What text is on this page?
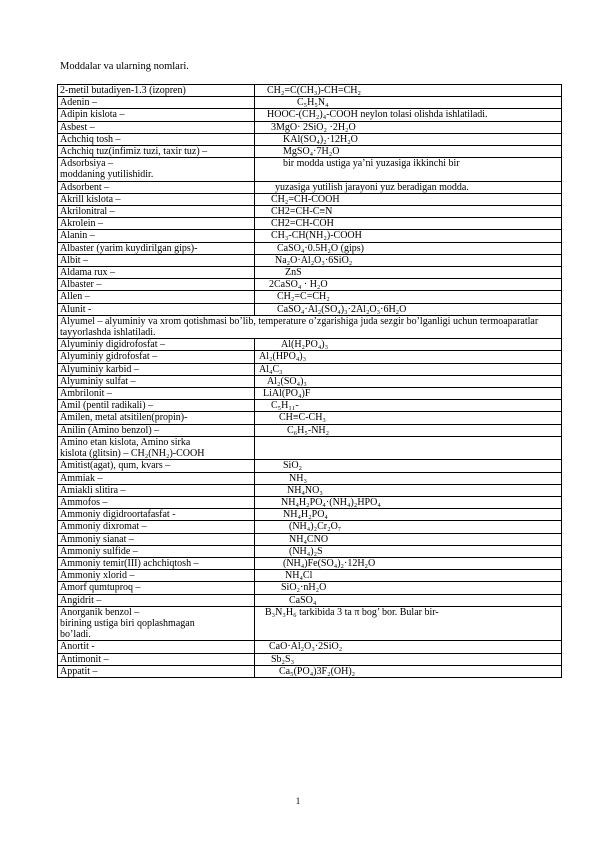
Moddalar va ularning nomlari.
2-metil butadiyen-1.3 (izopren)	CH₂=C(CH₃)-CH=CH₂
Adenin –	C₅H₅N₄
Adipin kislota –	HOOC-(CH₂)₄-COOH neylon tolasi olishda ishlatiladi.
Asbest –	3MgO· 2SiO₂ ·2H₂O
Achchiq tosh –	KAl(SO₄)₂·12H₂O
Achchiq tuz(infimiz tuzi, taxir tuz) –	MgSO₄·7H₂O
Adsorbsiya –
moddaning yutilishidir.	bir modda ustiga ya’ni yuzasiga ikkinchi bir
Adsorbent –	yuzasiga yutilish jarayoni yuz beradigan modda.
Akrill kislota –	CH₂=CH-COOH
Akrilonitral –	CH2=CH-C≡N
Akrolein –	CH2=CH-COH
Alanin –	CH₃-CH(NH₂)-COOH
Albaster (yarim kuydirilgan gips)-	CaSO₄·0.5H₂O (gips)
Albit –	Na₂O·Al₂O₃·6SiO₂
Aldama rux –	ZnS
Albaster –	2CaSO₄ · H₂O
Allen –	CH₂=C=CH₂
Alunit -	CaSO₄·Al₂(SO₄)₃·2Al₂O₃·6H₂O
Alyumel – alyuminiy va xrom qotishmasi bo’lib, temperature o’zgarishiga juda sezgir bo’lganligi uchun termoaparatlar tayyorlashda ishlatiladi.	
Alyuminiy digidrofosfat –	Al(H₂PO₄)₃
Alyuminiy gidrofosfat –	Al₂(HPO₄)₃
Alyuminiy karbid –	Al₄C₃
Alyuminiy sulfat –	Al₂(SO₄)₃
Ambrilonit –	LiAl(PO₄)F
Amil (pentil radikali) –	C₅H₁₁-
Amilen, metal atsitilen(propin)-	CH≡C-CH₃
Anilin (Amino benzol) –	C₆H₅-NH₂
Amino etan kislota, Amino sirka
kislota (glitsin) – CH₂(NH₂)-COOH	
Amitist(agat), qum, kvars –	SiO₂
Ammiak –	NH₃
Amiakli slitira –	NH₄NO₃
Ammofos –	NH₄H₂PO₄·(NH₄)₂HPO₄
Ammoniy digidroortafasfat -	NH₄H₂PO₄
Ammoniy dixromat –	(NH₄)₂Cr₂O₇
Ammoniy sianat –	NH₄CNO
Ammoniy sulfide –	(NH₄)₂S
Ammoniy temir(III) achchiqtosh –	(NH₄)Fe(SO₄)₂·12H₂O
Ammoniy xlorid –	NH₄Cl
Amorf qumtuproq –	SiO₂·nH₂O
Angidrit –	CaSO₄
Anorganik benzol –
birining ustiga biri qoplashmagan
bo’ladi.	B₃N₃H₆ tarkibida 3 ta π bog’ bor. Bular bir-
Anortit -	CaO·Al₂O₃·2SiO₂
Antimonit –	Sb₂S₃
Appatit –	Ca₅(PO₄)3F₂(OH)₂
1
